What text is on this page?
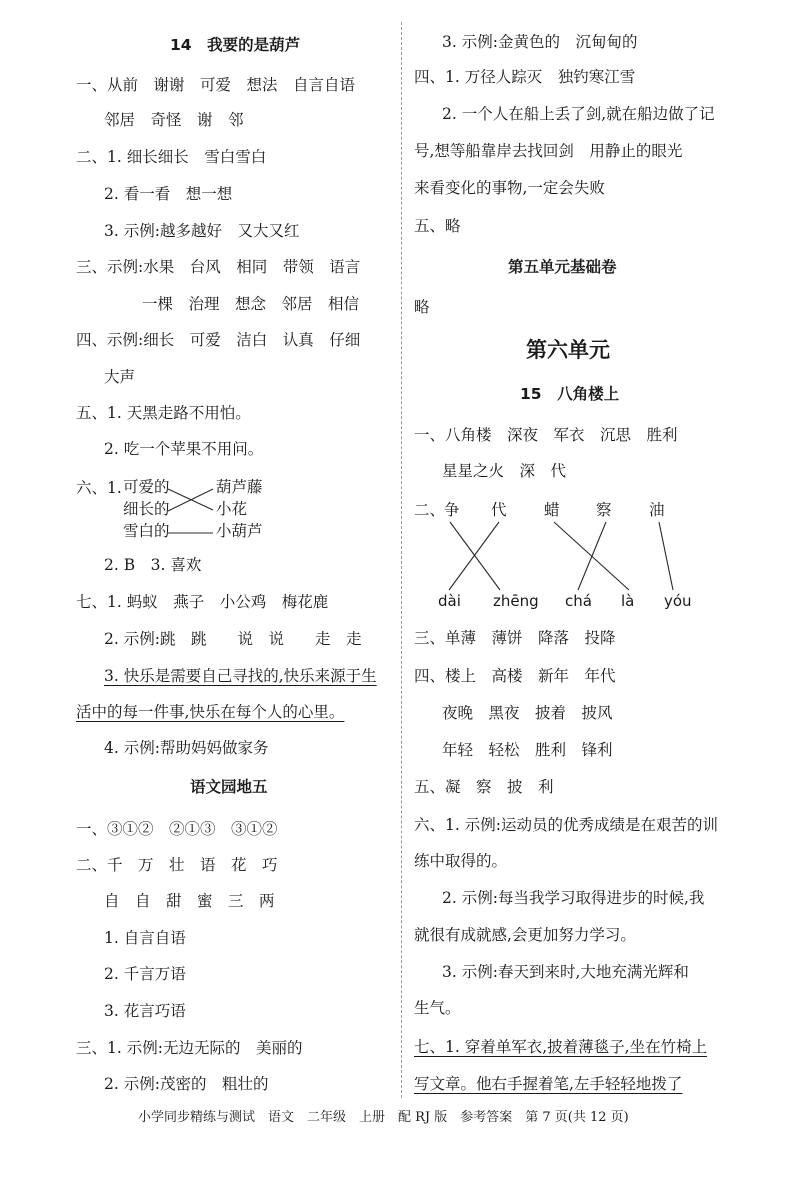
14　我要的是葫芦
一、从前　谢谢　可爱　想法　自言自语
邻居　奇怪　谢　邻
二、1. 细长细长　雪白雪白
2. 看一看　想一想
3. 示例:越多越好　又大又红
三、示例:水果　台风　相同　带领　语言
一棵　治理　想念　邻居　相信
四、示例:细长　可爱　洁白　认真　仔细
大声
五、1. 天黑走路不用怕。
2. 吃一个苹果不用问。
六、1. 可爱的
细长的
雪白的
葫芦藤
小花
小葫芦
2. B　3. 喜欢
七、1. 蚂蚁　燕子　小公鸡　梅花鹿
2. 示例:跳　跳　　说　说　　走　走
3. 快乐是需要自己寻找的,快乐来源于生
活中的每一件事,快乐在每个人的心里。
4. 示例:帮助妈妈做家务
语文园地五
一、③①②　②①③　③①②
二、千　万　壮　语　花　巧
自　自　甜　蜜　三　两
1. 自言自语
2. 千言万语
3. 花言巧语
三、1. 示例:无边无际的　美丽的
2. 示例:茂密的　粗壮的
3. 示例:金黄色的　沉甸甸的
四、1. 万径人踪灭　独钓寒江雪
2. 一个人在船上丢了剑,就在船边做了记
号,想等船靠岸去找回剑　用静止的眼光
来看变化的事物,一定会失败
五、略
第五单元基础卷
略
第六单元
15　八角楼上
一、八角楼　深夜　军衣　沉思　胜利
星星之火　深　代
二、
争 代 蜡 察 油
dài zhēng chá là yóu
三、单薄　薄饼　降落　投降
四、楼上　高楼　新年　年代
夜晚　黑夜　披着　披风
年轻　轻松　胜利　锋利
五、凝　察　披　利
六、1. 示例:运动员的优秀成绩是在艰苦的训
练中取得的。
2. 示例:每当我学习取得进步的时候,我
就很有成就感,会更加努力学习。
3. 示例:春天到来时,大地充满光辉和
生气。
七、1. 穿着单军衣,披着薄毯子,坐在竹椅上
写文章。他右手握着笔,左手轻轻地拨了
小学同步精练与测试　语文　二年级　上册　配 RJ 版　参考答案　第 7 页(共 12 页)
